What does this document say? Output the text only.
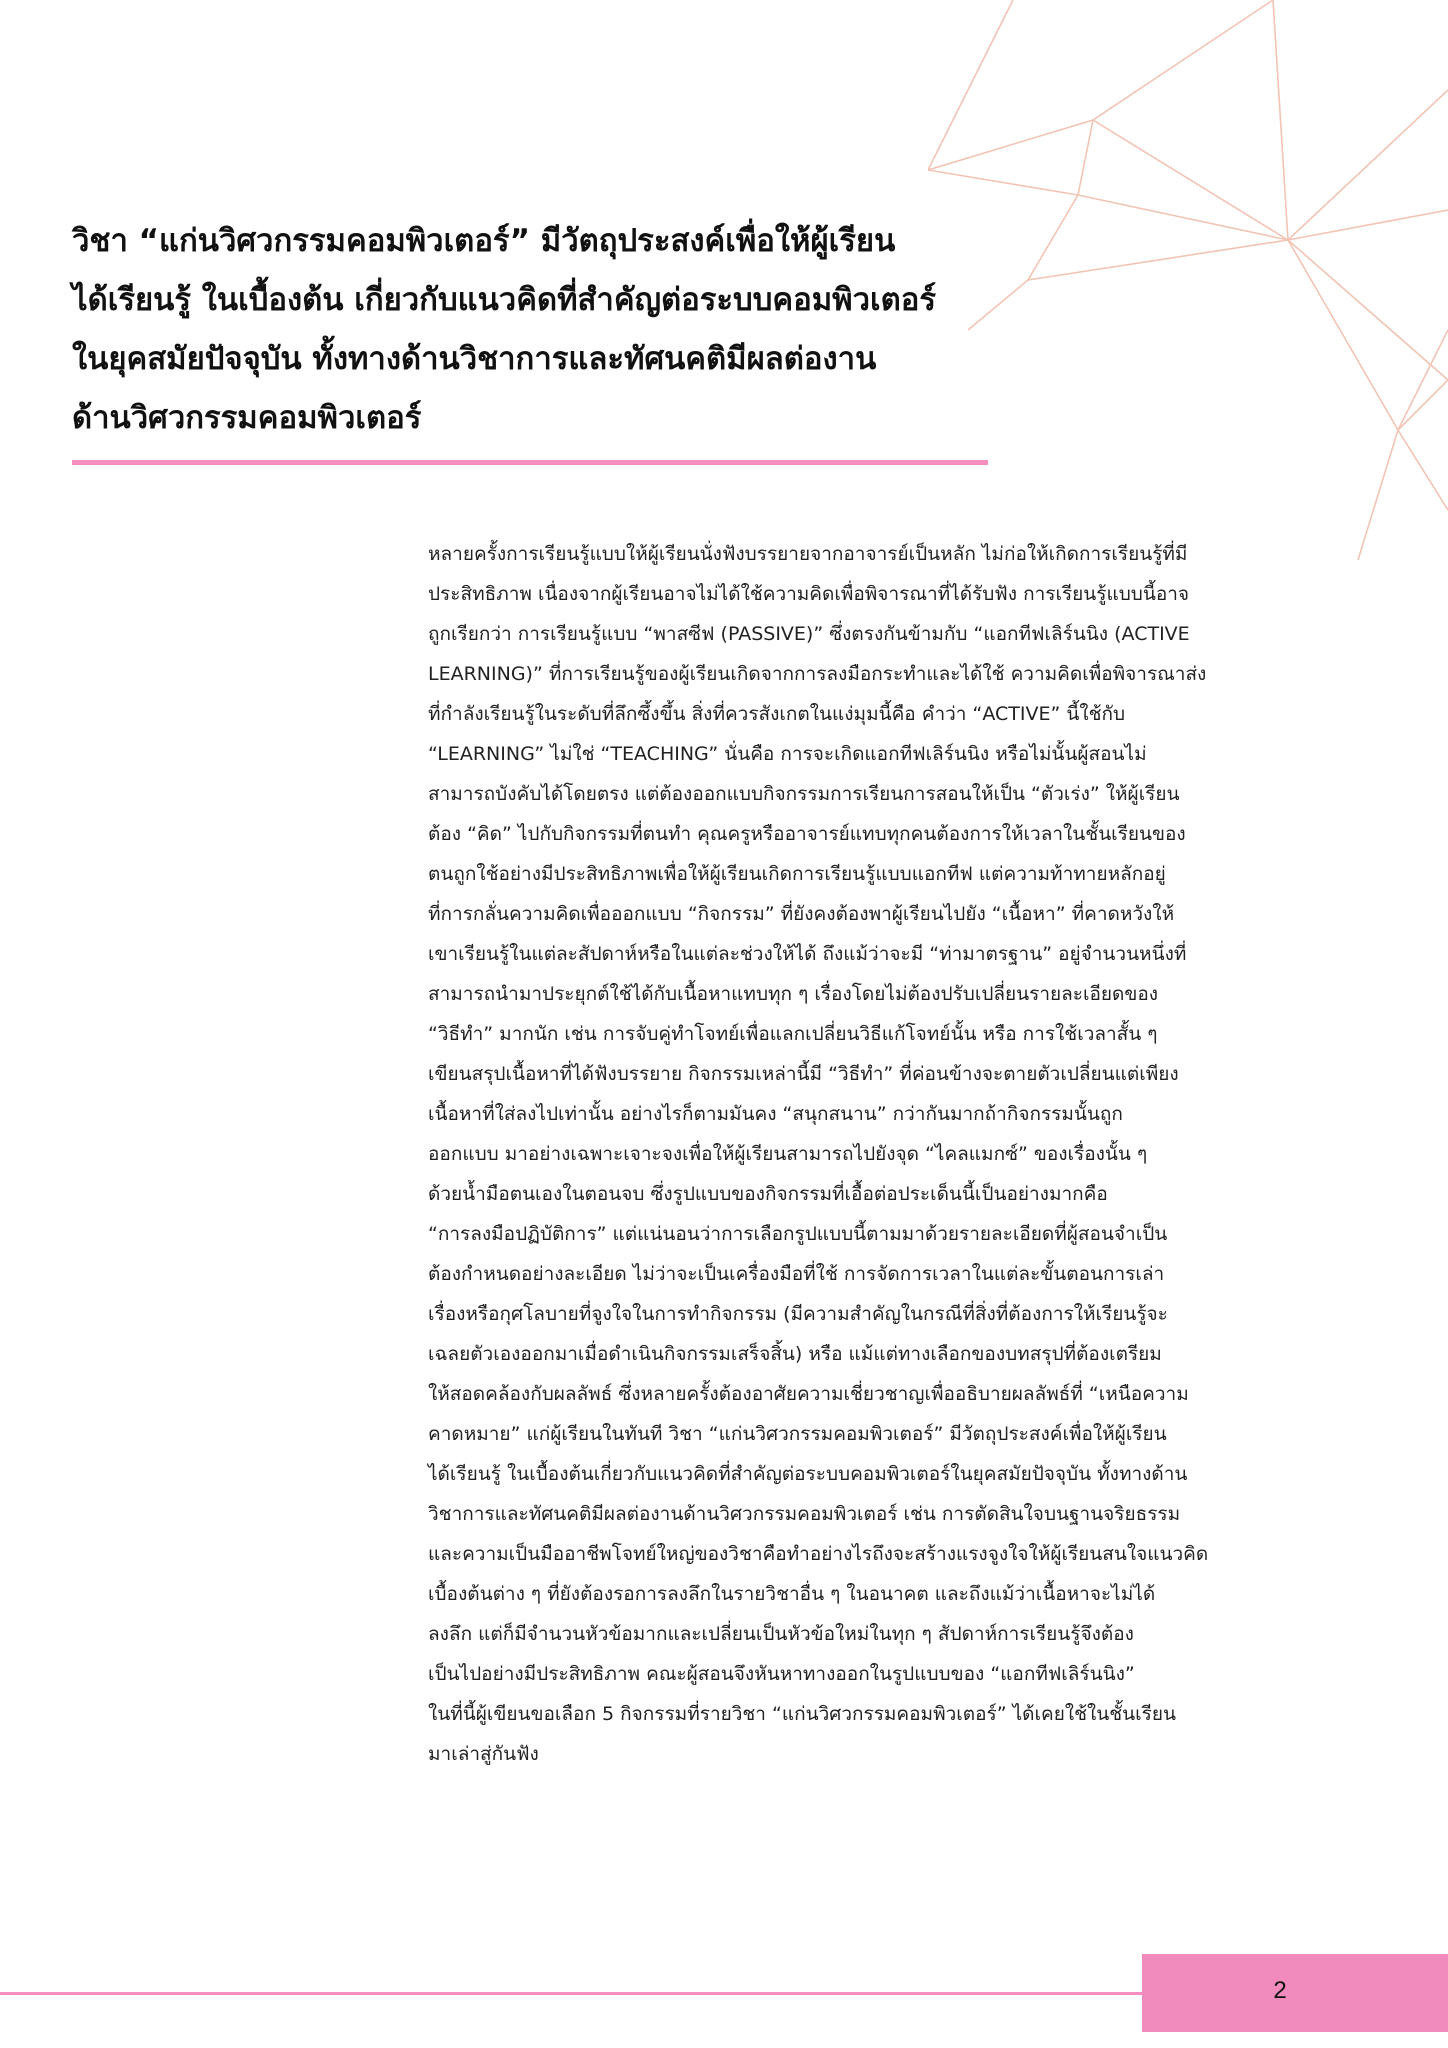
วิชา “แก่นวิศวกรรมคอมพิวเตอร์” มีวัตถุประสงค์เพื่อให้ผู้เรียน
ได้เรียนรู้ ในเบื้องต้น เกี่ยวกับแนวคิดที่สำคัญต่อระบบคอมพิวเตอร์
ในยุคสมัยปัจจุบัน ทั้งทางด้านวิชาการและทัศนคติมีผลต่องาน
ด้านวิศวกรรมคอมพิวเตอร์
หลายครั้งการเรียนรู้แบบให้ผู้เรียนนั่งฟังบรรยายจากอาจารย์เป็นหลัก ไม่ก่อให้เกิดการเรียนรู้ที่มี
ประสิทธิภาพ เนื่องจากผู้เรียนอาจไม่ได้ใช้ความคิดเพื่อพิจารณาที่ได้รับฟัง การเรียนรู้แบบนี้อาจ
ถูกเรียกว่า การเรียนรู้แบบ “พาสซีฟ (PASSIVE)” ซึ่งตรงกันข้ามกับ “แอกทีฟเลิร์นนิง (ACTIVE
LEARNING)” ที่การเรียนรู้ของผู้เรียนเกิดจากการลงมือกระทำและได้ใช้ ความคิดเพื่อพิจารณาส่ง
ที่กำลังเรียนรู้ในระดับที่ลึกซึ้งขึ้น สิ่งที่ควรสังเกตในแง่มุมนี้คือ คำว่า “ACTIVE” นี้ใช้กับ
“LEARNING” ไม่ใช่ “TEACHING” นั่นคือ การจะเกิดแอกทีฟเลิร์นนิง หรือไม่นั้นผู้สอนไม่
สามารถบังคับได้โดยตรง แต่ต้องออกแบบกิจกรรมการเรียนการสอนให้เป็น “ตัวเร่ง” ให้ผู้เรียน
ต้อง “คิด” ไปกับกิจกรรมที่ตนทำ คุณครูหรืออาจารย์แทบทุกคนต้องการให้เวลาในชั้นเรียนของ
ตนถูกใช้อย่างมีประสิทธิภาพเพื่อให้ผู้เรียนเกิดการเรียนรู้แบบแอกทีฟ แต่ความท้าทายหลักอยู่
ที่การกลั่นความคิดเพื่อออกแบบ “กิจกรรม” ที่ยังคงต้องพาผู้เรียนไปยัง “เนื้อหา” ที่คาดหวังให้
เขาเรียนรู้ในแต่ละสัปดาห์หรือในแต่ละช่วงให้ได้ ถึงแม้ว่าจะมี “ท่ามาตรฐาน” อยู่จำนวนหนึ่งที่
สามารถนำมาประยุกต์ใช้ได้กับเนื้อหาแทบทุก ๆ เรื่องโดยไม่ต้องปรับเปลี่ยนรายละเอียดของ
“วิธีทำ” มากนัก เช่น การจับคู่ทำโจทย์เพื่อแลกเปลี่ยนวิธีแก้โจทย์นั้น หรือ การใช้เวลาสั้น ๆ
เขียนสรุปเนื้อหาที่ได้ฟังบรรยาย กิจกรรมเหล่านี้มี “วิธีทำ” ที่ค่อนข้างจะตายตัวเปลี่ยนแต่เพียง
เนื้อหาที่ใส่ลงไปเท่านั้น อย่างไรก็ตามมันคง “สนุกสนาน” กว่ากันมากถ้ากิจกรรมนั้นถูก
ออกแบบ มาอย่างเฉพาะเจาะจงเพื่อให้ผู้เรียนสามารถไปยังจุด “ไคลแมกซ์” ของเรื่องนั้น ๆ
ด้วยน้ำมือตนเองในตอนจบ ซึ่งรูปแบบของกิจกรรมที่เอื้อต่อประเด็นนี้เป็นอย่างมากคือ
“การลงมือปฏิบัติการ” แต่แน่นอนว่าการเลือกรูปแบบนี้ตามมาด้วยรายละเอียดที่ผู้สอนจำเป็น
ต้องกำหนดอย่างละเอียด ไม่ว่าจะเป็นเครื่องมือที่ใช้ การจัดการเวลาในแต่ละขั้นตอนการเล่า
เรื่องหรือกุศโลบายที่จูงใจในการทำกิจกรรม (มีความสำคัญในกรณีที่สิ่งที่ต้องการให้เรียนรู้จะ
เฉลยตัวเองออกมาเมื่อดำเนินกิจกรรมเสร็จสิ้น) หรือ แม้แต่ทางเลือกของบทสรุปที่ต้องเตรียม
ให้สอดคล้องกับผลลัพธ์ ซึ่งหลายครั้งต้องอาศัยความเชี่ยวชาญเพื่ออธิบายผลลัพธ์ที่ “เหนือความ
คาดหมาย” แก่ผู้เรียนในทันที วิชา “แก่นวิศวกรรมคอมพิวเตอร์” มีวัตถุประสงค์เพื่อให้ผู้เรียน
ได้เรียนรู้ ในเบื้องต้นเกี่ยวกับแนวคิดที่สำคัญต่อระบบคอมพิวเตอร์ในยุคสมัยปัจจุบัน ทั้งทางด้าน
วิชาการและทัศนคติมีผลต่องานด้านวิศวกรรมคอมพิวเตอร์ เช่น การตัดสินใจบนฐานจริยธรรม
และความเป็นมืออาชีพโจทย์ใหญ่ของวิชาคือทำอย่างไรถึงจะสร้างแรงจูงใจให้ผู้เรียนสนใจแนวคิด
เบื้องต้นต่าง ๆ ที่ยังต้องรอการลงลึกในรายวิชาอื่น ๆ ในอนาคต และถึงแม้ว่าเนื้อหาจะไม่ได้
ลงลึก แต่ก็มีจำนวนหัวข้อมากและเปลี่ยนเป็นหัวข้อใหม่ในทุก ๆ สัปดาห์การเรียนรู้จึงต้อง
เป็นไปอย่างมีประสิทธิภาพ คณะผู้สอนจึงหันหาทางออกในรูปแบบของ “แอกทีฟเลิร์นนิง”
ในที่นี้ผู้เขียนขอเลือก 5 กิจกรรมที่รายวิชา “แก่นวิศวกรรมคอมพิวเตอร์” ได้เคยใช้ในชั้นเรียน
มาเล่าสู่กันฟัง
2
